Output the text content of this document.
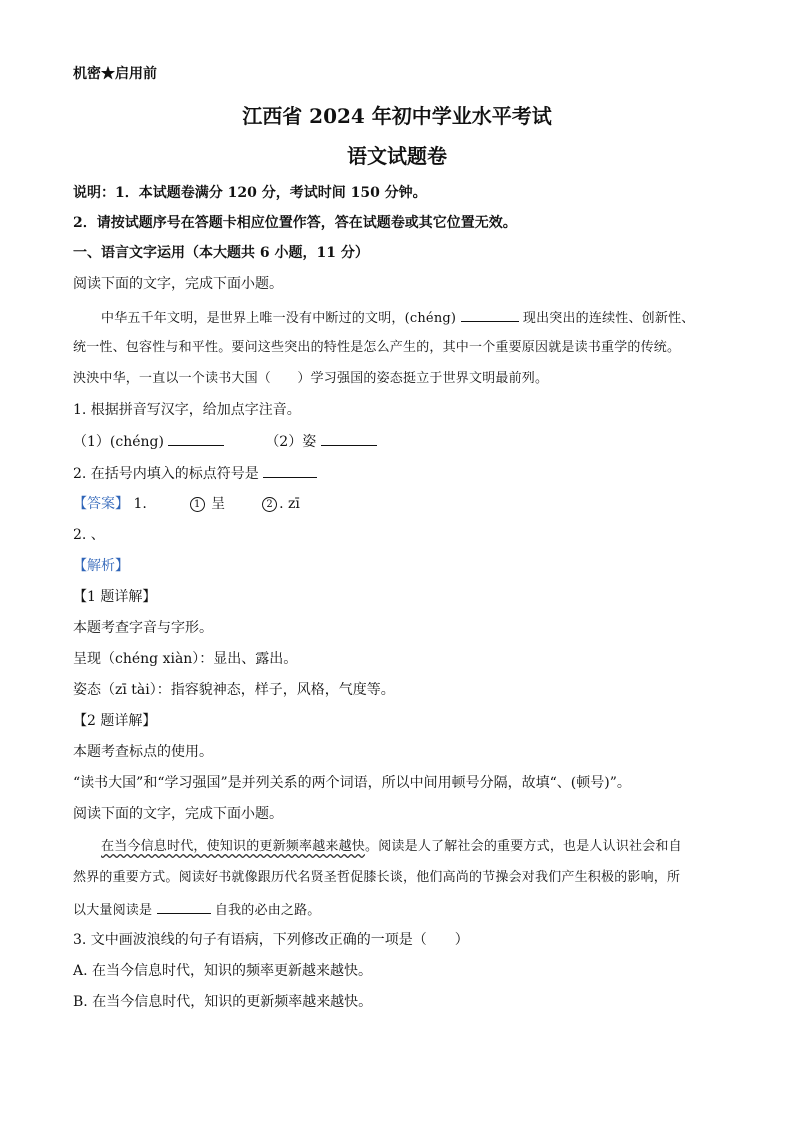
机密★启用前
江西省 2024 年初中学业水平考试
语文试题卷
说明：1．本试题卷满分 120 分，考试时间 150 分钟。
2．请按试题序号在答题卡相应位置作答，答在试题卷或其它位置无效。
一、语言文字运用（本大题共 6 小题，11 分）
阅读下面的文字，完成下面小题。
中华五千年文明，是世界上唯一没有中断过的文明，(chéng)	现出突出的连续性、创新性、
统一性、包容性与和平性。要问这些突出的特性是怎么产生的，其中一个重要原因就是读书重学的传统。
泱泱中华，一直以一个读书大国（　　）学习强国的姿态挺立于世界文明最前列。
1. 根据拼音写汉字，给加点字注音。
（1）(chéng)	（2）姿
2. 在括号内填入的标点符号是
【答案】 1.	1 呈	2 . zī
2. 、
【解析】
【1 题详解】
本题考查字音与字形。
呈现（chéng xiàn）：显出、露出。
姿态（zī tài）：指容貌神态，样子，风格，气度等。
【2 题详解】
本题考查标点的使用。
“读书大国”和“学习强国”是并列关系的两个词语，所以中间用顿号分隔，故填“、(顿号)”。
阅读下面的文字，完成下面小题。
在当今信息时代，使知识的更新频率越来越快。阅读是人了解社会的重要方式，也是人认识社会和自
然界的重要方式。阅读好书就像跟历代名贤圣哲促膝长谈，他们高尚的节操会对我们产生积极的影响，所
以大量阅读是	自我的必由之路。
3. 文中画波浪线的句子有语病，下列修改正确的一项是（　　）
A. 在当今信息时代，知识的频率更新越来越快。
B. 在当今信息时代，知识的更新频率越来越快。
